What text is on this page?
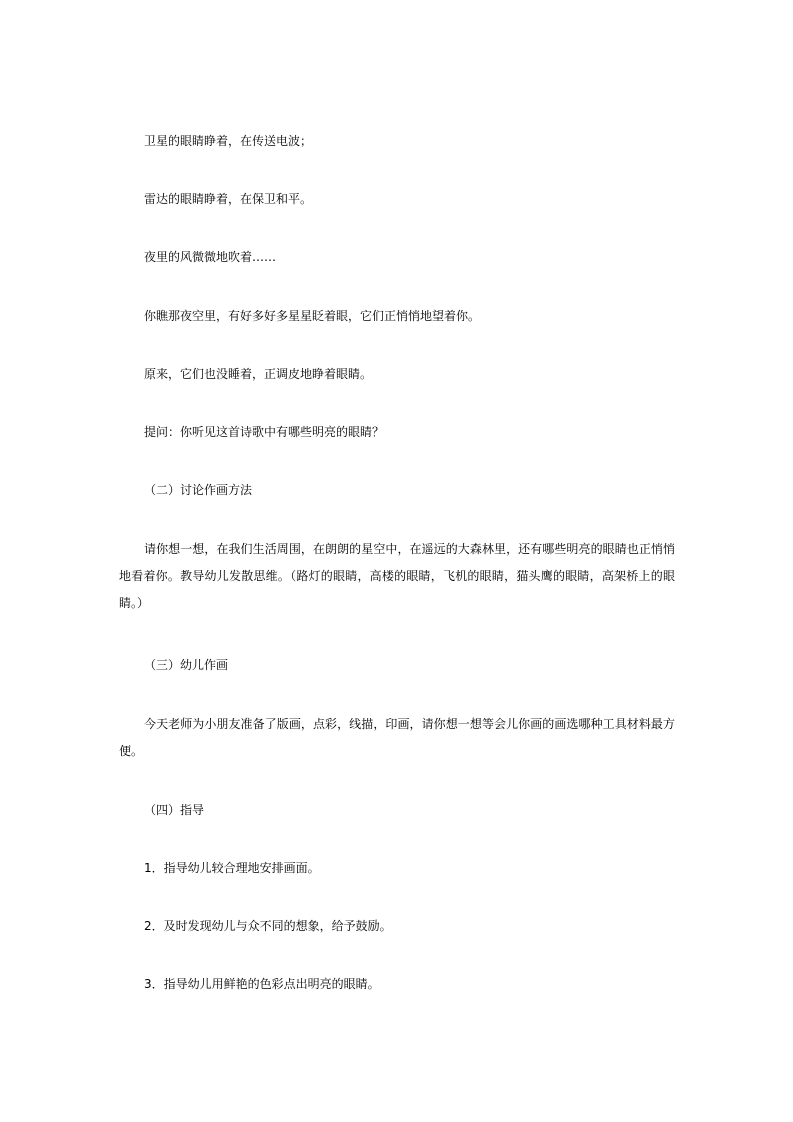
卫星的眼睛睁着，在传送电波；
雷达的眼睛睁着，在保卫和平。
夜里的风微微地吹着……
你瞧那夜空里，有好多好多星星眨着眼，它们正悄悄地望着你。
原来，它们也没睡着，正调皮地睁着眼睛。
提问：你听见这首诗歌中有哪些明亮的眼睛？
（二）讨论作画方法
请你想一想，在我们生活周围，在朗朗的星空中，在遥远的大森林里，还有哪些明亮的眼睛也正悄悄地看着你。教导幼儿发散思维。（路灯的眼睛，高楼的眼睛，飞机的眼睛，猫头鹰的眼睛，高架桥上的眼睛。）
（三）幼儿作画
今天老师为小朋友准备了版画，点彩，线描，印画，请你想一想等会儿你画的画选哪种工具材料最方便。
（四）指导
1．指导幼儿较合理地安排画面。
2．及时发现幼儿与众不同的想象，给予鼓励。
3．指导幼儿用鲜艳的色彩点出明亮的眼睛。
